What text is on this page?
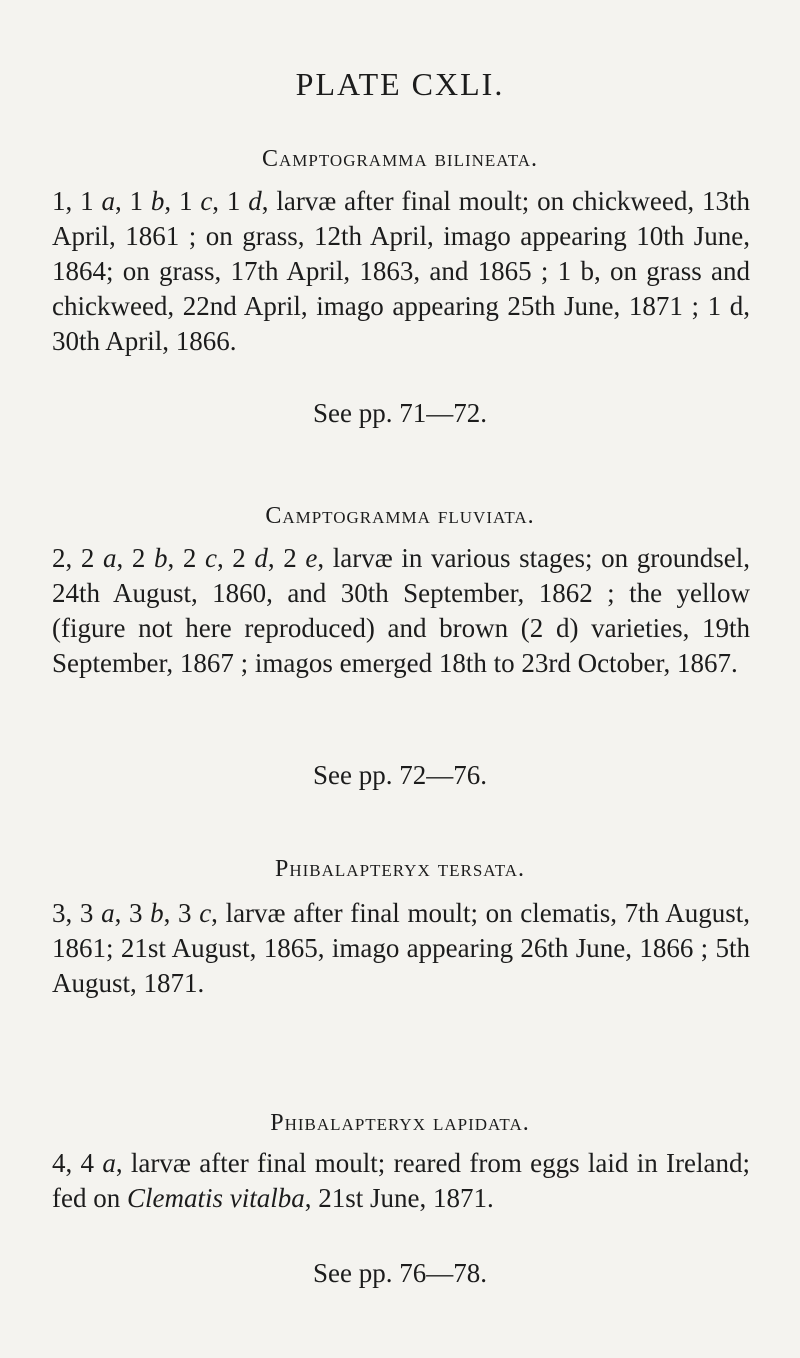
PLATE CXLI.
Camptogramma bilineata.

1, 1 a, 1 b, 1 c, 1 d, larvæ after final moult; on chickweed, 13th April, 1861 ; on grass, 12th April, imago appearing 10th June, 1864; on grass, 17th April, 1863, and 1865 ; 1 b, on grass and chickweed, 22nd April, imago appearing 25th June, 1871 ; 1 d, 30th April, 1866.

See pp. 71—72.

Camptogramma fluviata.

2, 2 a, 2 b, 2 c, 2 d, 2 e, larvæ in various stages; on groundsel, 24th August, 1860, and 30th September, 1862 ; the yellow (figure not here reproduced) and brown (2 d) varieties, 19th September, 1867 ; imagos emerged 18th to 23rd October, 1867.

See pp. 72—76.

Phibalapteryx tersata.

3, 3 a, 3 b, 3 c, larvæ after final moult; on clematis, 7th August, 1861; 21st August, 1865, imago appearing 26th June, 1866 ; 5th August, 1871.

Phibalapteryx lapidata.

4, 4 a, larvæ after final moult; reared from eggs laid in Ireland; fed on Clematis vitalba, 21st June, 1871.

See pp. 76—78.
